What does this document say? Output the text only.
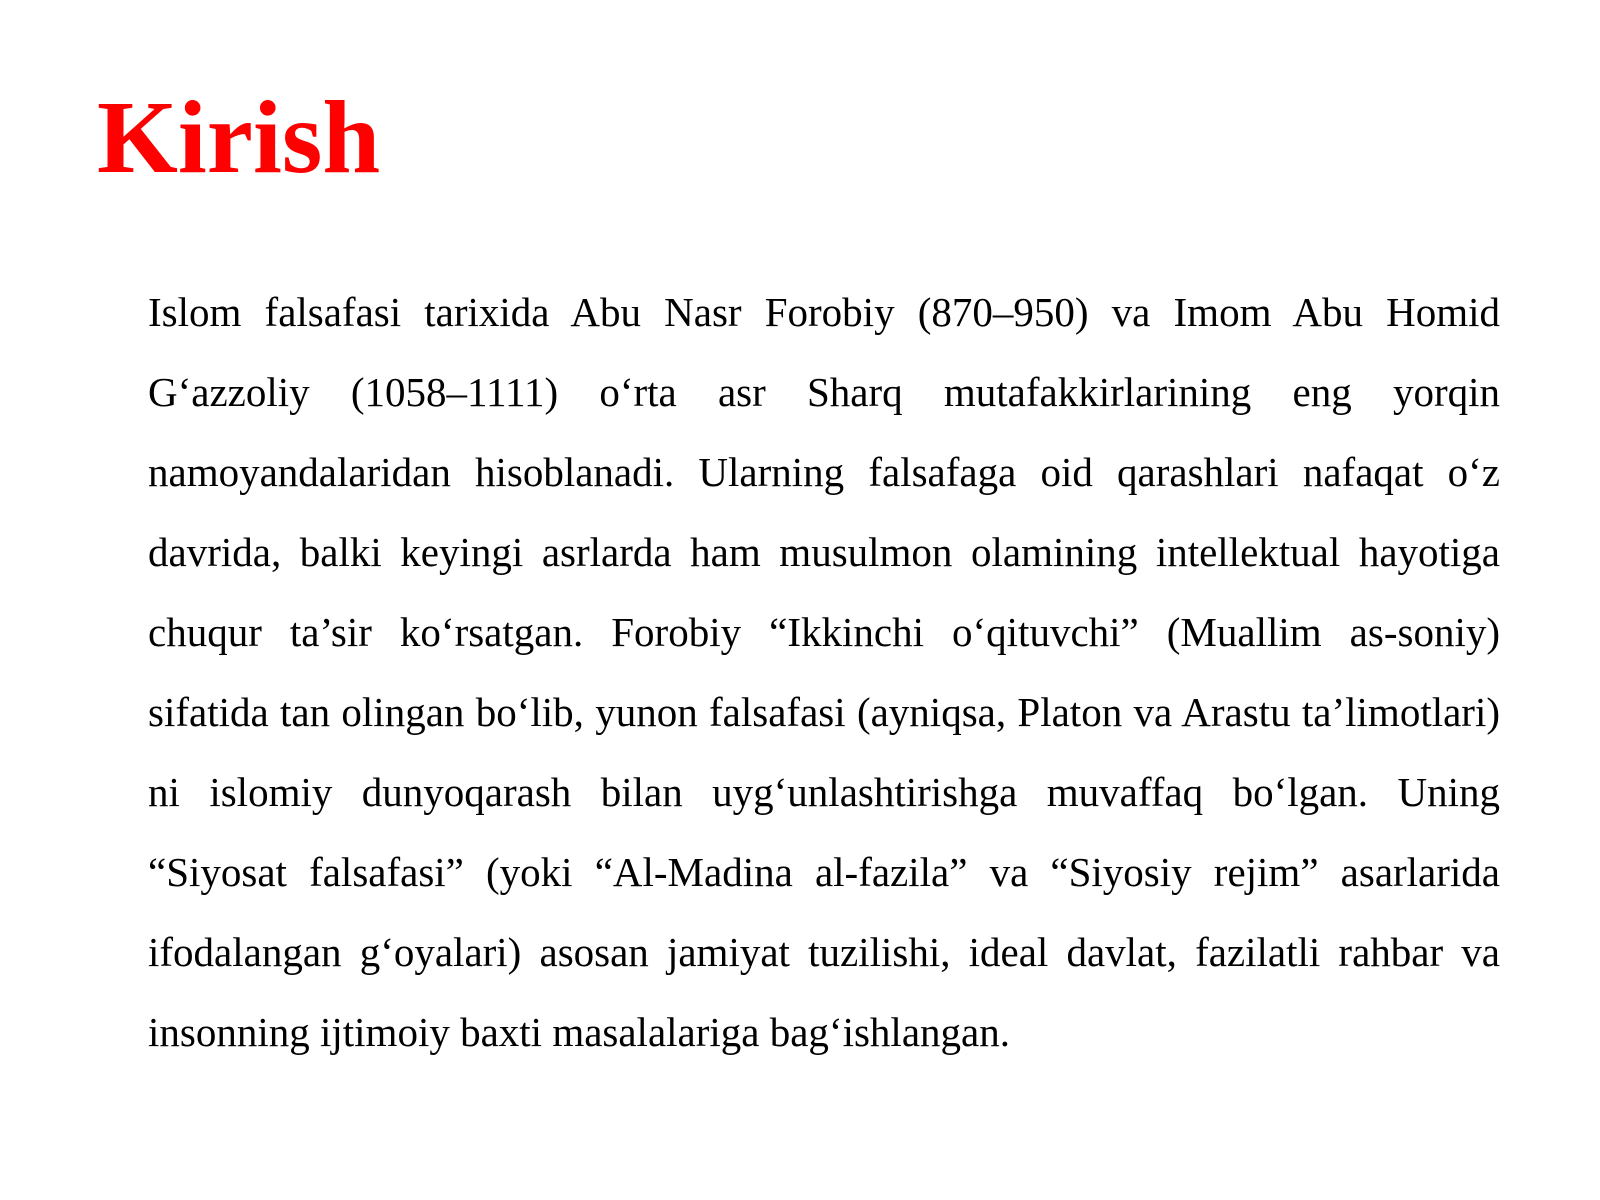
Kirish

Islom falsafasi tarixida Abu Nasr Forobiy (870–950) va Imom Abu Homid G‘azzoliy (1058–1111) o‘rta asr Sharq mutafakkirlarining eng yorqin namoyandalaridan hisoblanadi. Ularning falsafaga oid qarashlari nafaqat o‘z davrida, balki keyingi asrlarda ham musulmon olamining intellektual hayotiga chuqur ta’sir ko‘rsatgan. Forobiy “Ikkinchi o‘qituvchi” (Muallim as-soniy) sifatida tan olingan bo‘lib, yunon falsafasi (ayniqsa, Platon va Arastu ta’limotlari) ni islomiy dunyoqarash bilan uyg‘unlashtirishga muvaffaq bo‘lgan. Uning “Siyosat falsafasi” (yoki “Al-Madina al-fazila” va “Siyosiy rejim” asarlarida ifodalangan g‘oyalari) asosan jamiyat tuzilishi, ideal davlat, fazilatli rahbar va insonning ijtimoiy baxti masalalariga bag‘ishlangan.
